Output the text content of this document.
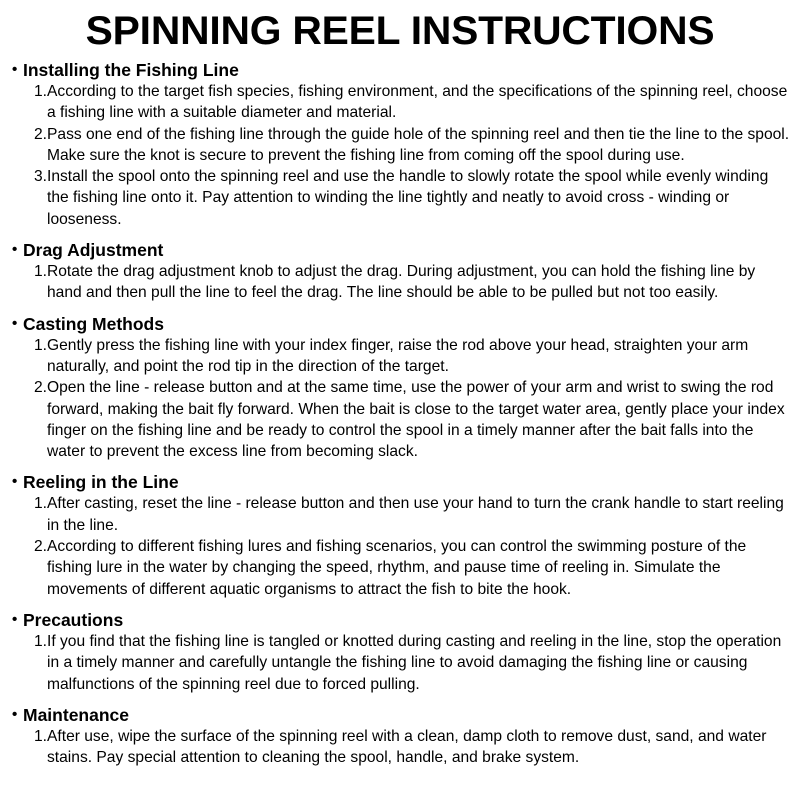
SPINNING REEL INSTRUCTIONS
• Installing the Fishing Line
1. According to the target fish species, fishing environment, and the specifications of the spinning reel, choose a fishing line with a suitable diameter and material.
2. Pass one end of the fishing line through the guide hole of the spinning reel and then tie the line to the spool. Make sure the knot is secure to prevent the fishing line from coming off the spool during use.
3. Install the spool onto the spinning reel and use the handle to slowly rotate the spool while evenly winding the fishing line onto it. Pay attention to winding the line tightly and neatly to avoid cross - winding or looseness.
• Drag Adjustment
1. Rotate the drag adjustment knob to adjust the drag. During adjustment, you can hold the fishing line by hand and then pull the line to feel the drag. The line should be able to be pulled but not too easily.
• Casting Methods
1. Gently press the fishing line with your index finger, raise the rod above your head, straighten your arm naturally, and point the rod tip in the direction of the target.
2. Open the line - release button and at the same time, use the power of your arm and wrist to swing the rod forward, making the bait fly forward. When the bait is close to the target water area, gently place your index finger on the fishing line and be ready to control the spool in a timely manner after the bait falls into the water to prevent the excess line from becoming slack.
• Reeling in the Line
1. After casting, reset the line - release button and then use your hand to turn the crank handle to start reeling in the line.
2. According to different fishing lures and fishing scenarios, you can control the swimming posture of the fishing lure in the water by changing the speed, rhythm, and pause time of reeling in. Simulate the movements of different aquatic organisms to attract the fish to bite the hook.
• Precautions
1. If you find that the fishing line is tangled or knotted during casting and reeling in the line, stop the operation in a timely manner and carefully untangle the fishing line to avoid damaging the fishing line or causing malfunctions of the spinning reel due to forced pulling.
• Maintenance
1. After use, wipe the surface of the spinning reel with a clean, damp cloth to remove dust, sand, and water stains. Pay special attention to cleaning the spool, handle, and brake system.
